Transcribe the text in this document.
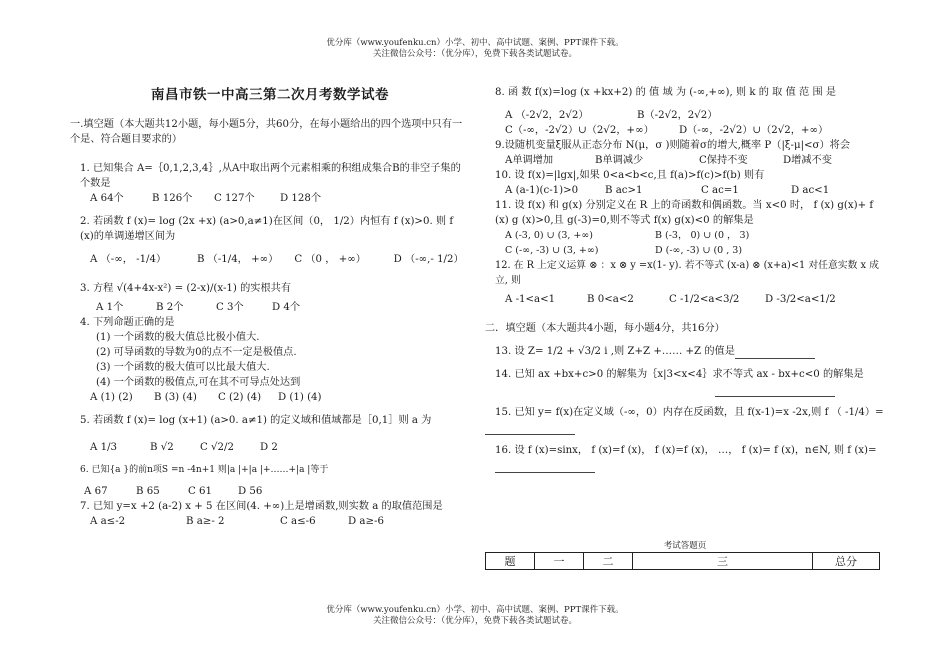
优分库（www.youfenku.cn）小学、初中、高中试题、案例、PPT课件下载。
关注微信公众号：（优分库），免费下载各类试题试卷。
南昌市铁一中高三第二次月考数学试卷

一.填空题（本大题共12小题，每小题5分，共60分，在每小题给出的四个选项中只有一个是、符合题目要求的）

1. 已知集合 A=｛0,1,2,3,4｝,从A中取出两个元素相乘的积组成集合B的非空子集的个数是

A 64个	B 126个	C 127个	D 128个

2. 若函数 f (x)= log (2x +x) (a>0,a≠1)在区间（0， 1/2）内恒有 f (x)>0. 则 f (x)的单调递增区间为

A （-∞， -1/4）	B （-1/4， +∞）	C （0 ， +∞）	D （-∞,- 1/2）

3. 方程 √(4+4x-x²) = (2-x)/(x-1) 的实根共有

A 1个	B 2个	C 3个	D 4个

4. 下列命题正确的是

(1) 一个函数的极大值总比极小值大.

(2) 可导函数的导数为0的点不一定是极值点.

(3) 一个函数的极大值可以比最大值大.

(4) 一个函数的极值点,可在其不可导点处达到

A (1) (2)	B (3) (4)	C (2) (4)	D (1) (4)

5. 若函数 f (x)= log (x+1) (a>0. a≠1) 的定义域和值域都是［0,1］则 a 为

A 1/3	B √2	C √2/2	D 2

6. 已知{a }的前n项S =n -4n+1 则|a |+|a |+……+|a |等于

A 67	B 65	C 61	D 56

7. 已知 y=x +2 (a-2) x + 5 在区间(4. +∞)上是增函数,则实数 a 的取值范围是

A a≤-2	B a≥- 2	C a≤-6	D a≥-6

8. 函 数 f(x)=log (x +kx+2) 的 值 域 为 (-∞,+∞), 则 k 的 取 值 范 围 是

A （-2√2，2√2）	B（-2√2，2√2）
C（-∞，-2√2）∪（2√2，+∞）	D（-∞，-2√2）∪（2√2，+∞）

9.设随机变量ξ服从正态分布 N(μ，σ )则随着σ的增大,概率 P（|ξ-μ|<σ）将会

A单调增加	B单调减少	C保持不变	D增减不变

10. 设 f(x)=|lgx|,如果 0<a<b<c,且 f(a)>f(c)>f(b) 则有

A (a-1)(c-1)>0	B ac>1	C ac=1	D ac<1

11. 设 f(x) 和 g(x) 分别定义在 R 上的奇函数和偶函数。当 x<0 时， f (x) g(x)+ f (x) g (x)>0,且 g(-3)=0,则不等式 f(x) g(x)<0 的解集是

A (-3, 0) ∪ (3, +∞)	B (-3， 0) ∪ (0 ， 3)
C (-∞, -3) ∪ (3, +∞)	D (-∞, -3) ∪ (0 , 3)

12. 在 R 上定义运算 ⊗ ：x ⊗ y =x(1- y). 若不等式 (x-a) ⊗ (x+a)<1 对任意实数 x 成立, 则

A -1<a<1	B 0<a<2	C -1/2<a<3/2	D -3/2<a<1/2

二．填空题（本大题共4小题，每小题4分，共16分）

13. 设 Z= 1/2 + √3/2 i ,则 Z+Z +…… +Z 的值是

14. 已知 ax +bx+c>0 的解集为｛x|3<x<4｝求不等式 ax - bx+c<0 的解集是

15. 已知 y= f(x)在定义域（-∞，0）内存在反函数，且 f(x-1)=x -2x,则 f （ -1/4）=

16. 设 f (x)=sinx， f (x)=f (x)， f (x)=f (x)， …， f (x)= f (x)，n∈N, 则 f (x)=

考试答题页
题	一	二	三	总分
优分库（www.youfenku.cn）小学、初中、高中试题、案例、PPT课件下载。
关注微信公众号：（优分库），免费下载各类试题试卷。
